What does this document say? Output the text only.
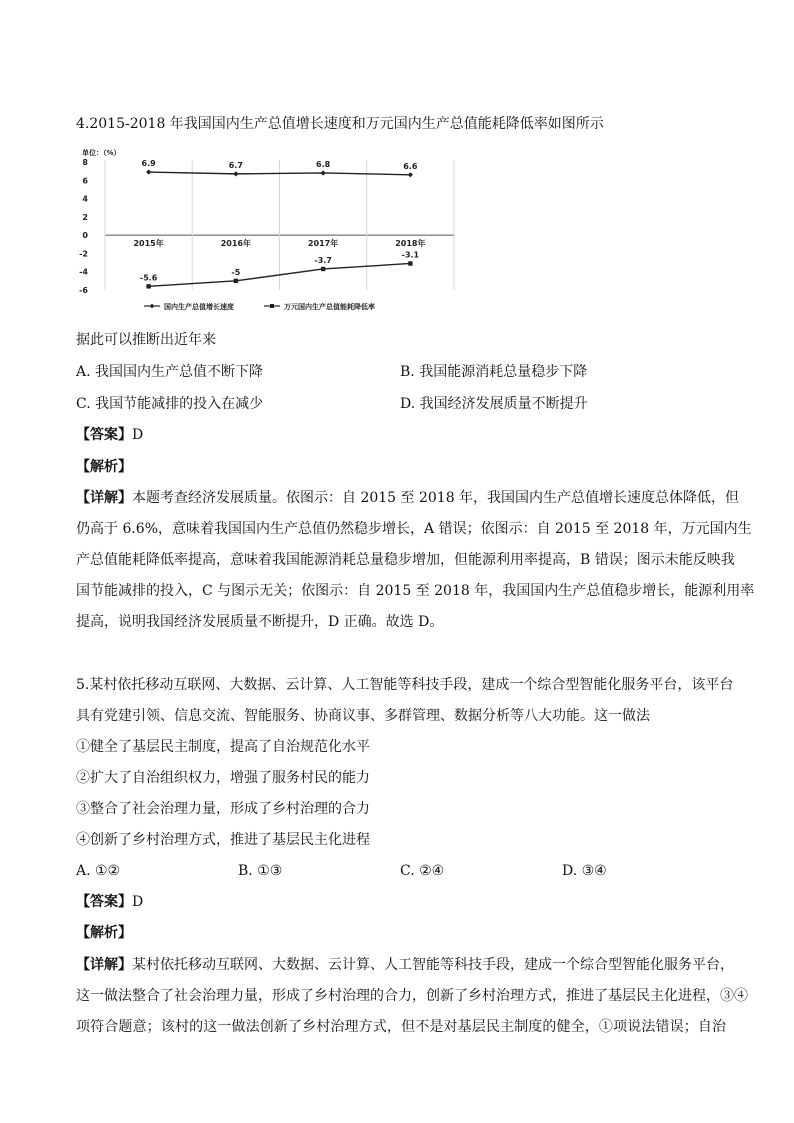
4.2015-2018 年我国国内生产总值增长速度和万元国内生产总值能耗降低率如图所示
单位：（%）
8
6
4
2
0
-2
-4
-6
2015年	2016年	2017年	2018年
6.9	6.7	6.8	6.6
-5.6
-5
-3.7
-3.1
国内生产总值增长速度	万元国内生产总值能耗降低率
据此可以推断出近年来
A. 我国国内生产总值不断下降	B. 我国能源消耗总量稳步下降
C. 我国节能减排的投入在减少	D. 我国经济发展质量不断提升
【答案】D
【解析】
【详解】本题考查经济发展质量。依图示：自 2015 至 2018 年，我国国内生产总值增长速度总体降低，但
仍高于 6.6%，意味着我国国内生产总值仍然稳步增长，A 错误；依图示：自 2015 至 2018 年，万元国内生
产总值能耗降低率提高，意味着我国能源消耗总量稳步增加，但能源利用率提高，B 错误；图示未能反映我
国节能减排的投入，C 与图示无关；依图示：自 2015 至 2018 年，我国国内生产总值稳步增长，能源利用率
提高，说明我国经济发展质量不断提升，D 正确。故选 D。
5.某村依托移动互联网、大数据、云计算、人工智能等科技手段，建成一个综合型智能化服务平台，该平台
具有党建引领、信息交流、智能服务、协商议事、多群管理、数据分析等八大功能。这一做法
①健全了基层民主制度，提高了自治规范化水平
②扩大了自治组织权力，增强了服务村民的能力
③整合了社会治理力量，形成了乡村治理的合力
④创新了乡村治理方式，推进了基层民主化进程
A. ①②	B. ①③	C. ②④	D. ③④
【答案】D
【解析】
【详解】某村依托移动互联网、大数据、云计算、人工智能等科技手段，建成一个综合型智能化服务平台，
这一做法整合了社会治理力量，形成了乡村治理的合力，创新了乡村治理方式，推进了基层民主化进程，③④
项符合题意；该村的这一做法创新了乡村治理方式，但不是对基层民主制度的健全，①项说法错误；自治
